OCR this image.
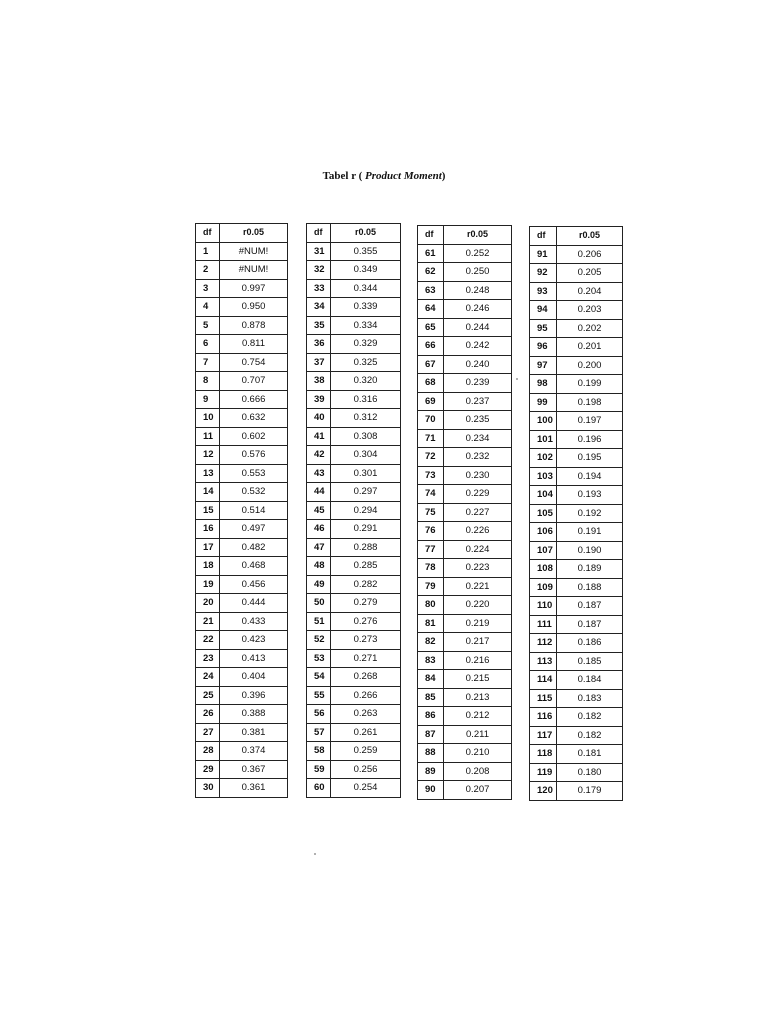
Tabel r ( Product Moment)
df	r0.05
1	#NUM!
2	#NUM!
3	0.997
4	0.950
5	0.878
6	0.811
7	0.754
8	0.707
9	0.666
10	0.632
11	0.602
12	0.576
13	0.553
14	0.532
15	0.514
16	0.497
17	0.482
18	0.468
19	0.456
20	0.444
21	0.433
22	0.423
23	0.413
24	0.404
25	0.396
26	0.388
27	0.381
28	0.374
29	0.367
30	0.361
df	r0.05
31	0.355
32	0.349
33	0.344
34	0.339
35	0.334
36	0.329
37	0.325
38	0.320
39	0.316
40	0.312
41	0.308
42	0.304
43	0.301
44	0.297
45	0.294
46	0.291
47	0.288
48	0.285
49	0.282
50	0.279
51	0.276
52	0.273
53	0.271
54	0.268
55	0.266
56	0.263
57	0.261
58	0.259
59	0.256
60	0.254
df	r0.05
61	0.252
62	0.250
63	0.248
64	0.246
65	0.244
66	0.242
67	0.240
68	0.239
69	0.237
70	0.235
71	0.234
72	0.232
73	0.230
74	0.229
75	0.227
76	0.226
77	0.224
78	0.223
79	0.221
80	0.220
81	0.219
82	0.217
83	0.216
84	0.215
85	0.213
86	0.212
87	0.211
88	0.210
89	0.208
90	0.207
df	r0.05
91	0.206
92	0.205
93	0.204
94	0.203
95	0.202
96	0.201
97	0.200
98	0.199
99	0.198
100	0.197
101	0.196
102	0.195
103	0.194
104	0.193
105	0.192
106	0.191
107	0.190
108	0.189
109	0.188
110	0.187
111	0.187
112	0.186
113	0.185
114	0.184
115	0.183
116	0.182
117	0.182
118	0.181
119	0.180
120	0.179
